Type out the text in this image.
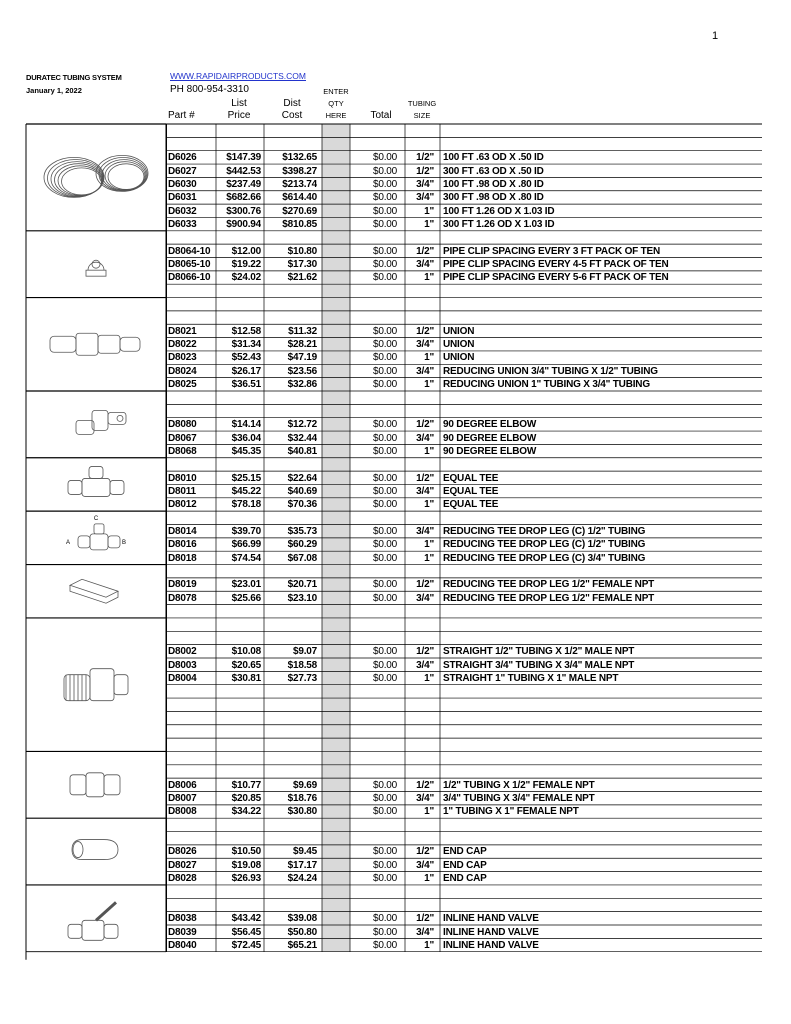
1
DURATEC TUBING SYSTEM
January 1, 2022
WWW.RAPIDAIRPRODUCTS.COM
PH 800-954-3310
Part #
List
Price
Dist
Cost
ENTER
QTY
HERE	Total
TUBING
SIZE
C
A	B
D6026	$147.39	$132.65	$0.00	1/2" 100 FT .63 OD X .50 ID
D6027	$442.53	$398.27	$0.00	1/2" 300 FT .63 OD X .50 ID
D6030	$237.49	$213.74	$0.00	3/4" 100 FT .98 OD X .80 ID
D6031	$682.66	$614.40	$0.00	3/4" 300 FT .98 OD X .80 ID
D6032	$300.76	$270.69	$0.00	1" 100 FT 1.26 OD X 1.03 ID
D6033	$900.94	$810.85	$0.00	1" 300 FT 1.26 OD X 1.03 ID
D8064-10	$12.00	$10.80	$0.00	1/2" PIPE CLIP SPACING EVERY 3 FT PACK OF TEN
D8065-10	$19.22	$17.30	$0.00	3/4" PIPE CLIP SPACING EVERY 4-5 FT PACK OF TEN
D8066-10	$24.02	$21.62	$0.00	1" PIPE CLIP SPACING EVERY 5-6 FT PACK OF TEN
D8021	$12.58	$11.32	$0.00	1/2" UNION
D8022	$31.34	$28.21	$0.00	3/4" UNION
D8023	$52.43	$47.19	$0.00	1" UNION
D8024	$26.17	$23.56	$0.00	3/4" REDUCING UNION 3/4" TUBING X 1/2" TUBING
D8025	$36.51	$32.86	$0.00	1" REDUCING UNION 1" TUBING X 3/4" TUBING
D8080	$14.14	$12.72	$0.00	1/2" 90 DEGREE ELBOW
D8067	$36.04	$32.44	$0.00	3/4" 90 DEGREE ELBOW
D8068	$45.35	$40.81	$0.00	1" 90 DEGREE ELBOW
D8010	$25.15	$22.64	$0.00	1/2" EQUAL TEE
D8011	$45.22	$40.69	$0.00	3/4" EQUAL TEE
D8012	$78.18	$70.36	$0.00	1" EQUAL TEE
D8014	$39.70	$35.73	$0.00	3/4" REDUCING TEE DROP LEG (C) 1/2" TUBING
D8016	$66.99	$60.29	$0.00	1" REDUCING TEE DROP LEG (C) 1/2" TUBING
D8018	$74.54	$67.08	$0.00	1" REDUCING TEE DROP LEG (C) 3/4" TUBING
D8019	$23.01	$20.71	$0.00	1/2" REDUCING TEE DROP LEG 1/2" FEMALE NPT
D8078	$25.66	$23.10	$0.00	3/4" REDUCING TEE DROP LEG 1/2" FEMALE NPT
D8002	$10.08	$9.07	$0.00	1/2" STRAIGHT 1/2" TUBING X 1/2" MALE NPT
D8003	$20.65	$18.58	$0.00	3/4" STRAIGHT 3/4" TUBING X 3/4" MALE NPT
D8004	$30.81	$27.73	$0.00	1" STRAIGHT 1" TUBING X 1" MALE NPT
D8006	$10.77	$9.69	$0.00	1/2" 1/2" TUBING X 1/2" FEMALE NPT
D8007	$20.85	$18.76	$0.00	3/4" 3/4" TUBING X 3/4" FEMALE NPT
D8008	$34.22	$30.80	$0.00	1" 1" TUBING X 1" FEMALE NPT
D8026	$10.50	$9.45	$0.00	1/2" END CAP
D8027	$19.08	$17.17	$0.00	3/4" END CAP
D8028	$26.93	$24.24	$0.00	1" END CAP
D8038	$43.42	$39.08	$0.00	1/2" INLINE HAND VALVE
D8039	$56.45	$50.80	$0.00	3/4" INLINE HAND VALVE
D8040	$72.45	$65.21	$0.00	1" INLINE HAND VALVE
